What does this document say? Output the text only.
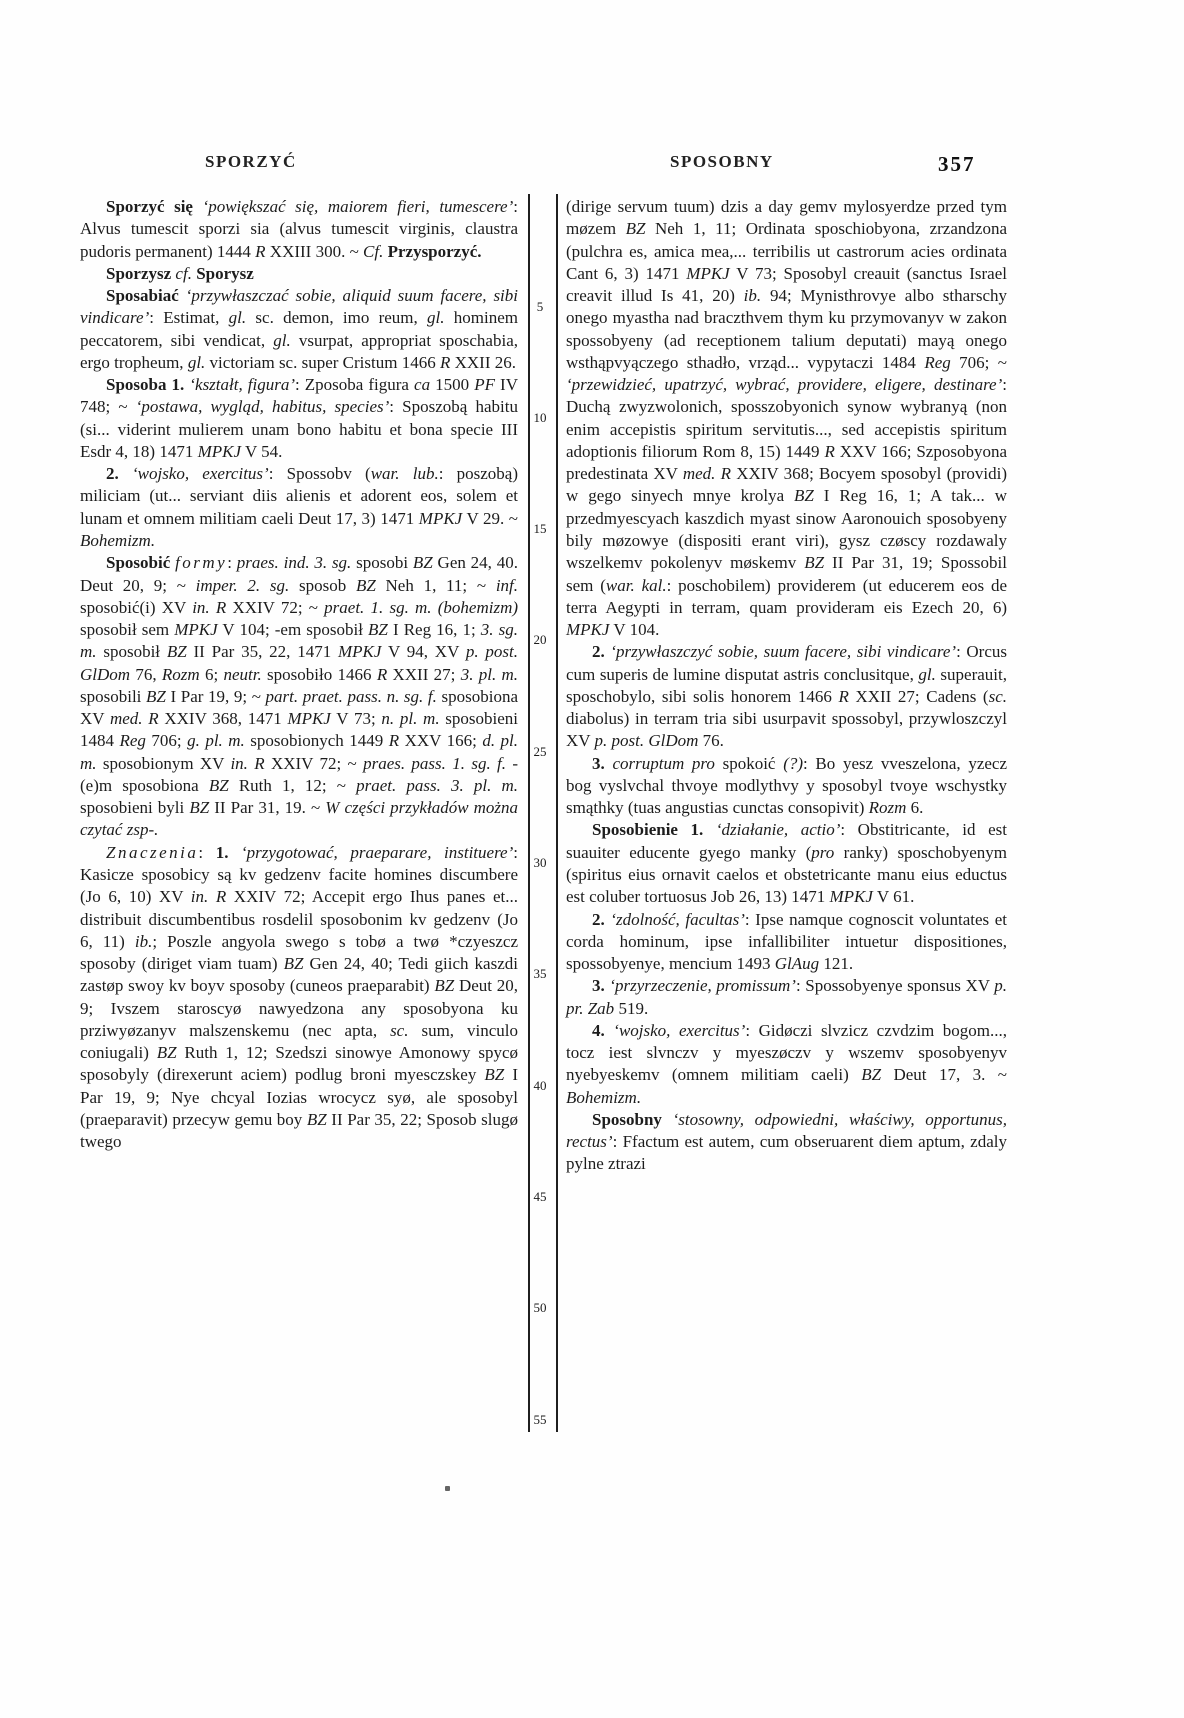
SPORZYĆ	SPOSOBNY	357

Sporzyć się ‘powiększać się, maiorem fieri, tumescere’: Alvus tumescit sporzi sia (alvus tumescit virginis, claustra pudoris permanent) 1444 R XXIII 300. ~ Cf. Przysporzyć.

Sporzysz cf. Sporysz

Sposabiać ‘przywłaszczać sobie, aliquid suum facere, sibi vindicare’: Estimat, gl. sc. demon, imo reum, gl. hominem peccatorem, sibi vendicat, gl. vsurpat, appropriat sposchabia, ergo tropheum, gl. victoriam sc. super Cristum 1466 R XXII 26.

Sposoba 1. ‘kształt, figura’: Zposoba figura ca 1500 PF IV 748; ~ ‘postawa, wygląd, habitus, species’: Sposzobą habitu (si... viderint mulierem unam bono habitu et bona specie III Esdr 4, 18) 1471 MPKJ V 54.

2. ‘wojsko, exercitus’: Spossobv (war. lub.: poszobą) miliciam (ut... serviant diis alienis et adorent eos, solem et lunam et omnem militiam caeli Deut 17, 3) 1471 MPKJ V 29. ~ Bohemizm.

Sposobić formy: praes. ind. 3. sg. sposobi BZ Gen 24, 40. Deut 20, 9; ~ imper. 2. sg. sposob BZ Neh 1, 11; ~ inf. sposobić(i) XV in. R XXIV 72; ~ praet. 1. sg. m. (bohemizm) sposobił sem MPKJ V 104; -em sposobił BZ I Reg 16, 1; 3. sg. m. sposobił BZ II Par 35, 22, 1471 MPKJ V 94, XV p. post. GlDom 76, Rozm 6; neutr. sposobiło 1466 R XXII 27; 3. pl. m. sposobili BZ I Par 19, 9; ~ part. praet. pass. n. sg. f. sposobiona XV med. R XXIV 368, 1471 MPKJ V 73; n. pl. m. sposobieni 1484 Reg 706; g. pl. m. sposobionych 1449 R XXV 166; d. pl. m. sposobionym XV in. R XXIV 72; ~ praes. pass. 1. sg. f. -(e)m sposobiona BZ Ruth 1, 12; ~ praet. pass. 3. pl. m. sposobieni byli BZ II Par 31, 19. ~ W części przykładów można czytać zsp-.

Znaczenia: 1. ‘przygotować, praeparare, instituere’: Kasicze sposobicy są kv gedzenv facite homines discumbere (Jo 6, 10) XV in. R XXIV 72; Accepit ergo Ihus panes et... distribuit discumbentibus rosdelil sposobonim kv gedzenv (Jo 6, 11) ib.; Poszle angyola swego s tobø a twø *czyeszcz sposoby (diriget viam tuam) BZ Gen 24, 40; Tedi giich kaszdi zastøp swoy kv boyv sposoby (cuneos praeparabit) BZ Deut 20, 9; Ivszem staroscyø nawyedzona any sposobyona ku prziwyøzanyv malszenskemu (nec apta, sc. sum, vinculo coniugali) BZ Ruth 1, 12; Szedszi sinowye Amonowy spycø sposobyly (direxerunt aciem) podlug broni myesczskey BZ I Par 19, 9; Nye chcyal Iozias wrocycz syø, ale sposobyl (praeparavit) przecyw gemu boy BZ II Par 35, 22; Sposob slugø twego

5
10
15
20
25
30
35
40
45
50
55

(dirige servum tuum) dzis a day gemv mylosyerdze przed tym møzem BZ Neh 1, 11; Ordinata sposchiobyona, zrzandzona (pulchra es, amica mea,... terribilis ut castrorum acies ordinata Cant 6, 3) 1471 MPKJ V 73; Sposobyl creauit (sanctus Israel creavit illud Is 41, 20) ib. 94; Mynisthrovye albo stharschy onego myastha nad braczthvem thym ku przymovanyv w zakon spossobyeny (ad receptionem talium deputati) mayą onego wsthąpvyączego sthadło, vrząd... vypytaczi 1484 Reg 706; ~ ‘przewidzieć, upatrzyć, wybrać, providere, eligere, destinare’: Duchą zwyzwolonich, sposszobyonich synow wybranyą (non enim accepistis spiritum servitutis..., sed accepistis spiritum adoptionis filiorum Rom 8, 15) 1449 R XXV 166; Szposobyona predestinata XV med. R XXIV 368; Bocyem sposobyl (providi) w gego sinyech mnye krolya BZ I Reg 16, 1; A tak... w przedmyescyach kaszdich myast sinow Aaronouich sposobyeny bily møzowye (dispositi erant viri), gysz czøscy rozdawaly wszelkemv pokolenyv møskemv BZ II Par 31, 19; Spossobil sem (war. kal.: poschobilem) providerem (ut educerem eos de terra Aegypti in terram, quam provideram eis Ezech 20, 6) MPKJ V 104.

2. ‘przywłaszczyć sobie, suum facere, sibi vindicare’: Orcus cum superis de lumine disputat astris conclusitque, gl. superauit, sposchobylo, sibi solis honorem 1466 R XXII 27; Cadens (sc. diabolus) in terram tria sibi usurpavit spossobyl, przywloszczyl XV p. post. GlDom 76.

3. corruptum pro spokoić (?): Bo yesz vveszelona, yzecz bog vyslvchal thvoye modlythvy y sposobyl tvoye wschystky smąthky (tuas angustias cunctas consopivit) Rozm 6.

Sposobienie 1. ‘działanie, actio’: Obstitricante, id est suauiter educente gyego manky (pro ranky) sposchobyenym (spiritus eius ornavit caelos et obstetricante manu eius eductus est coluber tortuosus Job 26, 13) 1471 MPKJ V 61.

2. ‘zdolność, facultas’: Ipse namque cognoscit voluntates et corda hominum, ipse infallibiliter intuetur dispositiones, spossobyenye, mencium 1493 GlAug 121.

3. ‘przyrzeczenie, promissum’: Spossobyenye sponsus XV p. pr. Zab 519.

4. ‘wojsko, exercitus’: Gidøczi slvzicz czvdzim bogom..., tocz iest slvnczv y myeszøczv y wszemv sposobyenyv nyebyeskemv (omnem militiam caeli) BZ Deut 17, 3. ~ Bohemizm.

Sposobny ‘stosowny, odpowiedni, właściwy, opportunus, rectus’: Ffactum est autem, cum obseruarent diem aptum, zdaly pylne ztrazi
